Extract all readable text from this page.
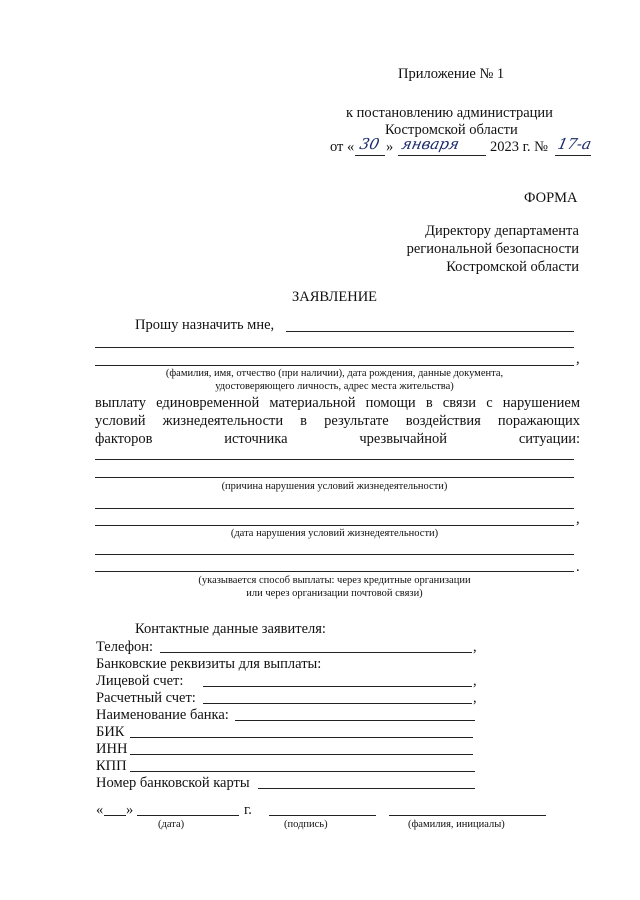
Приложение № 1
к постановлению администрации
Костромской области
от « 30 » января 2023 г. № 17-а
ФОРМА
Директору департамента
региональной безопасности
Костромской области
ЗАЯВЛЕНИЕ
Прошу назначить мне,
,
(фамилия, имя, отчество (при наличии), дата рождения, данные документа,
удостоверяющего личность, адрес места жительства)
выплату единовременной материальной помощи в связи с нарушением
условий жизнедеятельности в результате воздействия поражающих
факторов источника чрезвычайной ситуации:
(причина нарушения условий жизнедеятельности)
,
(дата нарушения условий жизнедеятельности)
.
(указывается способ выплаты: через кредитные организации
или через организации почтовой связи)
Контактные данные заявителя:
Телефон:	,
Банковские реквизиты для выплаты:
Лицевой счет:	,
Расчетный счет:	,
Наименование банка:
БИК
ИНН
КПП
Номер банковской карты
« »	г.
(дата)	(подпись)	(фамилия, инициалы)
